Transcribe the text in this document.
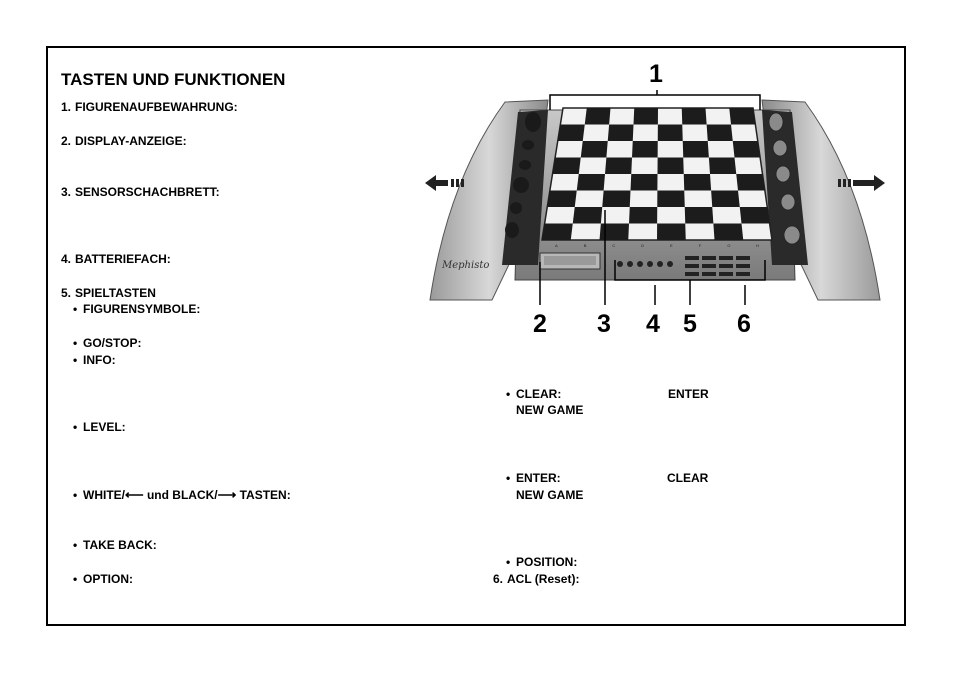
TASTEN UND FUNKTIONEN
1. FIGURENAUFBEWAHRUNG:
2. DISPLAY-ANZEIGE:
3. SENSORSCHACHBRETT:
4. BATTERIEFACH:
5. SPIELTASTEN
• FIGURENSYMBOLE:
• GO/STOP:
• INFO:
• LEVEL:
• WHITE/⟵ und BLACK/⟶ TASTEN:
• TAKE BACK:
• OPTION:
• CLEAR:	ENTER
NEW GAME
• ENTER:	CLEAR
NEW GAME
• POSITION:
6. ACL (Reset):
A	B	C	D	E	F	G	H
Mephisto
1
2 3 4 5 6
